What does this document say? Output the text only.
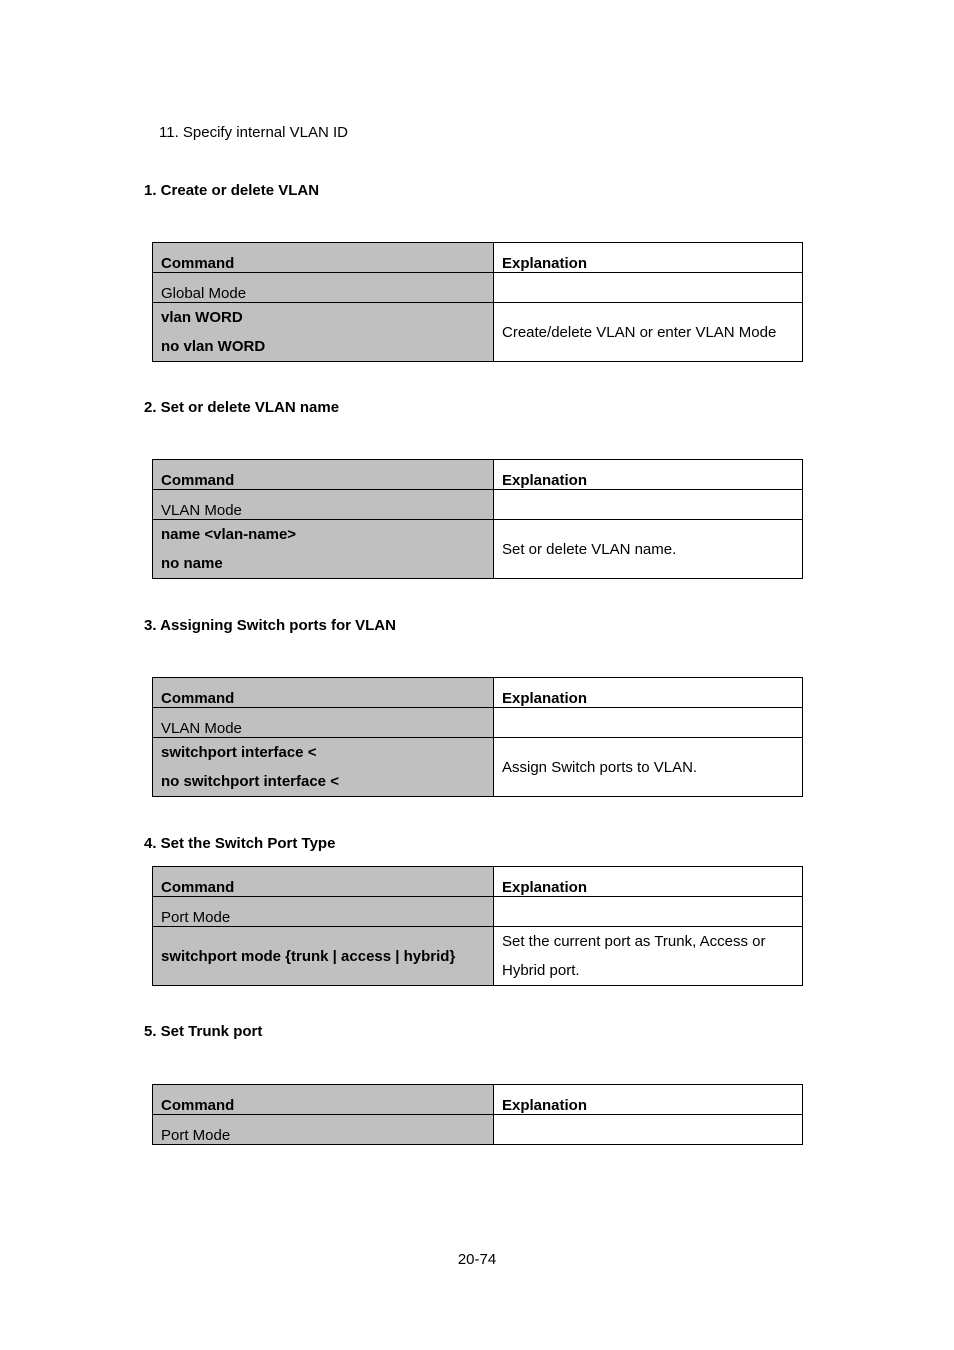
11. Specify internal VLAN ID
1. Create or delete VLAN
Command	Explanation
Global Mode	

vlan WORD
no vlan WORD	Create/delete VLAN or enter VLAN Mode
2. Set or delete VLAN name
Command	Explanation
VLAN Mode	

name <vlan-name>
no name	Set or delete VLAN name.
3. Assigning Switch ports for VLAN
Command	Explanation
VLAN Mode	

switchport interface <
no switchport interface <	Assign Switch ports to VLAN.
4. Set the Switch Port Type
Command	Explanation
Port Mode	

switchport mode {trunk | access | hybrid}	Set the current port as Trunk, Access or Hybrid port.
5. Set Trunk port
Command	Explanation
Port Mode	
20-74
